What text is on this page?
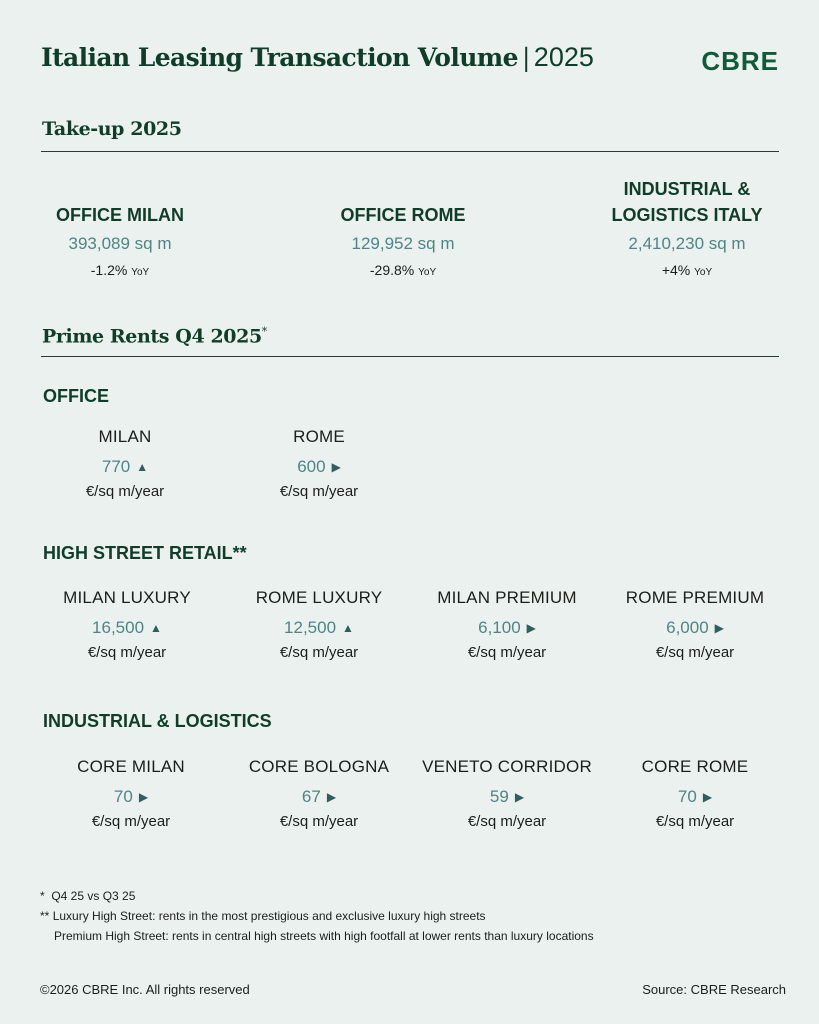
Italian Leasing Transaction Volume | 2025	CBRE
Take-up 2025
OFFICE MILAN
393,089 sq m
-1.2% YoY
OFFICE ROME
129,952 sq m
-29.8% YoY
INDUSTRIAL &
LOGISTICS ITALY
2,410,230 sq m
+4% YoY
Prime Rents Q4 2025*
OFFICE
MILAN
770 ▲
€/sq m/year
ROME
600 ▶
€/sq m/year
HIGH STREET RETAIL**
MILAN LUXURY
16,500 ▲
€/sq m/year
ROME LUXURY
12,500 ▲
€/sq m/year
MILAN PREMIUM
6,100 ▶
€/sq m/year
ROME PREMIUM
6,000 ▶
€/sq m/year
INDUSTRIAL & LOGISTICS
CORE MILAN
70 ▶
€/sq m/year
CORE BOLOGNA
67 ▶
€/sq m/year
VENETO CORRIDOR
59 ▶
€/sq m/year
CORE ROME
70 ▶
€/sq m/year
* Q4 25 vs Q3 25
** Luxury High Street: rents in the most prestigious and exclusive luxury high streets
Premium High Street: rents in central high streets with high footfall at lower rents than luxury locations
©2026 CBRE Inc. All rights reserved	Source: CBRE Research
